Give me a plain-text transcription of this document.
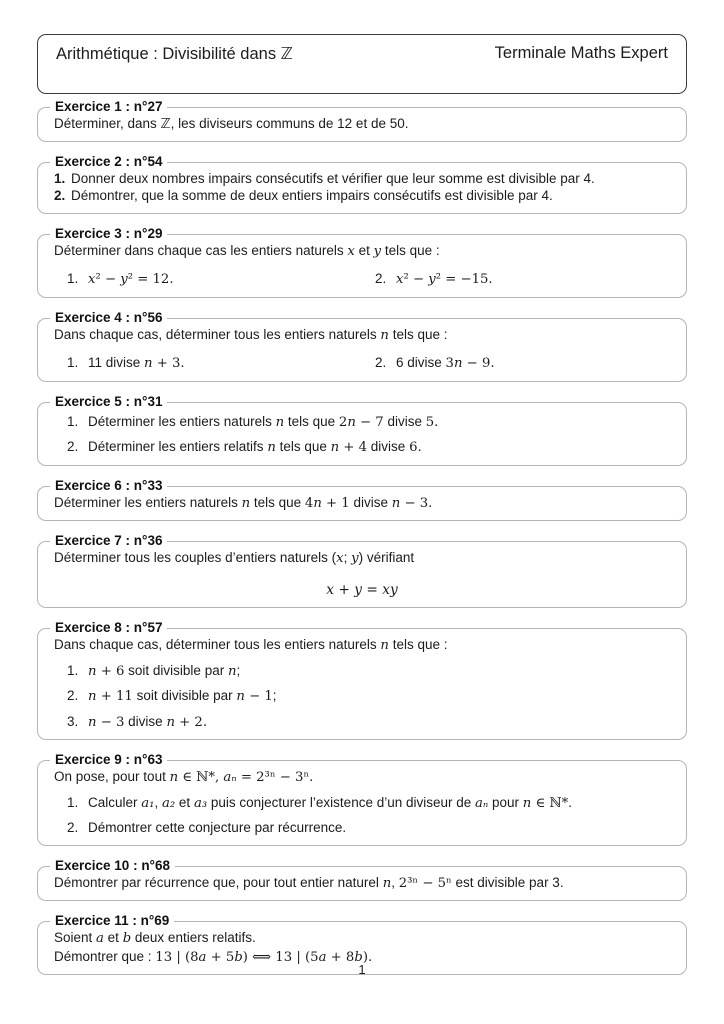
Arithmétique : Divisibilité dans ℤ	Terminale Maths Expert
Exercice 1 : n°27
Déterminer, dans ℤ, les diviseurs communs de 12 et de 50.
Exercice 2 : n°54
1. Donner deux nombres impairs consécutifs et vérifier que leur somme est divisible par 4.
2. Démontrer, que la somme de deux entiers impairs consécutifs est divisible par 4.
Exercice 3 : n°29
Déterminer dans chaque cas les entiers naturels x et y tels que :
1. x² − y² = 12.	2. x² − y² = −15.
Exercice 4 : n°56
Dans chaque cas, déterminer tous les entiers naturels n tels que :
1. 11 divise n + 3.	2. 6 divise 3n − 9.
Exercice 5 : n°31
1. Déterminer les entiers naturels n tels que 2n − 7 divise 5.
2. Déterminer les entiers relatifs n tels que n + 4 divise 6.
Exercice 6 : n°33
Déterminer les entiers naturels n tels que 4n + 1 divise n − 3.
Exercice 7 : n°36
Déterminer tous les couples d’entiers naturels (x; y) vérifiant
x + y = xy
Exercice 8 : n°57
Dans chaque cas, déterminer tous les entiers naturels n tels que :
1. n + 6 soit divisible par n;
2. n + 11 soit divisible par n − 1;
3. n − 3 divise n + 2.
Exercice 9 : n°63
On pose, pour tout n ∈ ℕ*, aₙ = 2³ⁿ − 3ⁿ.
1. Calculer a₁, a₂ et a₃ puis conjecturer l’existence d’un diviseur de aₙ pour n ∈ ℕ*.
2. Démontrer cette conjecture par récurrence.
Exercice 10 : n°68
Démontrer par récurrence que, pour tout entier naturel n, 2³ⁿ − 5ⁿ est divisible par 3.
Exercice 11 : n°69
Soient a et b deux entiers relatifs.
Démontrer que : 13 | (8a + 5b) ⟺ 13 | (5a + 8b).
1
